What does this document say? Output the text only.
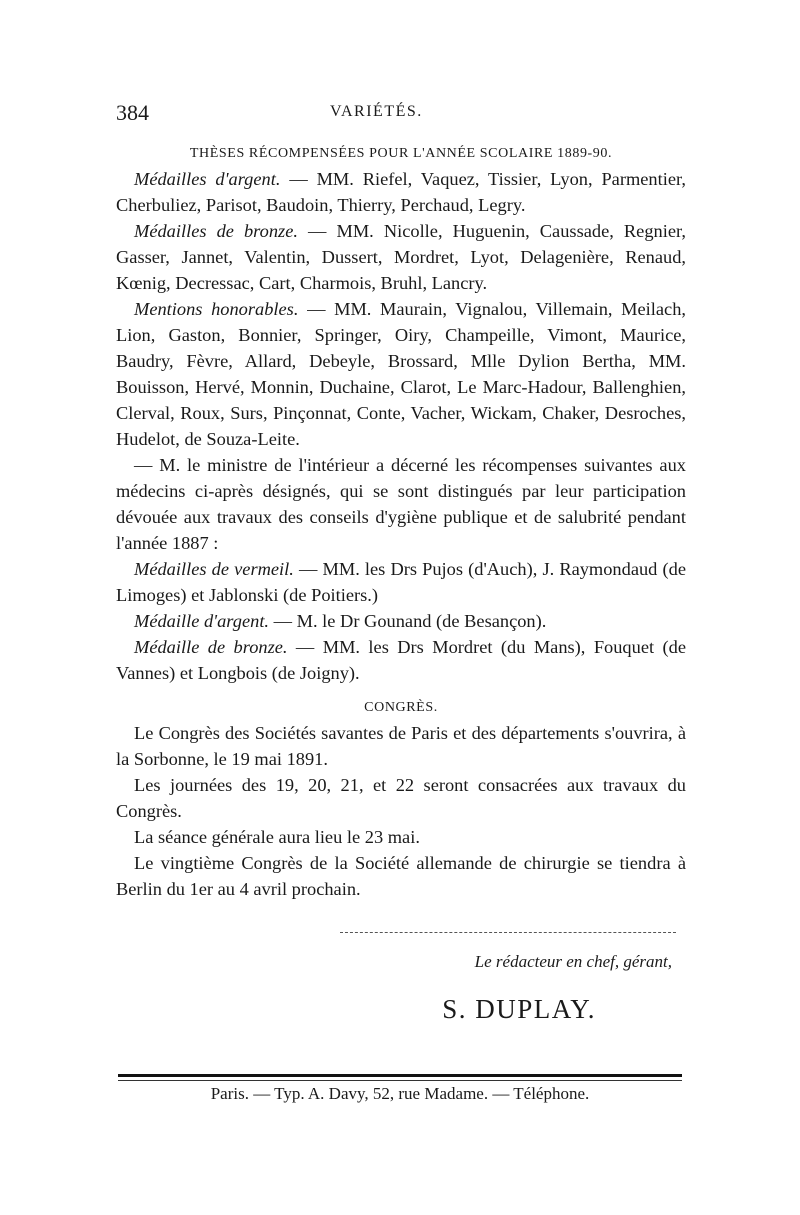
384	VARIÉTÉS.
THÈSES RÉCOMPENSÉES POUR L'ANNÉE SCOLAIRE 1889-90.

Médailles d'argent. — MM. Riefel, Vaquez, Tissier, Lyon, Parmentier, Cherbuliez, Parisot, Baudoin, Thierry, Perchaud, Legry.

Médailles de bronze. — MM. Nicolle, Huguenin, Caussade, Regnier, Gasser, Jannet, Valentin, Dussert, Mordret, Lyot, Delagenière, Renaud, Kœnig, Decressac, Cart, Charmois, Bruhl, Lancry.

Mentions honorables. — MM. Maurain, Vignalou, Villemain, Meilach, Lion, Gaston, Bonnier, Springer, Oiry, Champeille, Vimont, Maurice, Baudry, Fèvre, Allard, Debeyle, Brossard, Mlle Dylion Bertha, MM. Bouisson, Hervé, Monnin, Duchaine, Clarot, Le Marc-Hadour, Ballenghien, Clerval, Roux, Surs, Pinçonnat, Conte, Vacher, Wickam, Chaker, Desroches, Hudelot, de Souza-Leite.

— M. le ministre de l'intérieur a décerné les récompenses suivantes aux médecins ci-après désignés, qui se sont distingués par leur participation dévouée aux travaux des conseils d'ygiène publique et de salubrité pendant l'année 1887 :

Médailles de vermeil. — MM. les Drs Pujos (d'Auch), J. Raymondaud (de Limoges) et Jablonski (de Poitiers.)

Médaille d'argent. — M. le Dr Gounand (de Besançon).

Médaille de bronze. — MM. les Drs Mordret (du Mans), Fouquet (de Vannes) et Longbois (de Joigny).

CONGRÈS.

Le Congrès des Sociétés savantes de Paris et des départements s'ouvrira, à la Sorbonne, le 19 mai 1891.

Les journées des 19, 20, 21, et 22 seront consacrées aux travaux du Congrès.

La séance générale aura lieu le 23 mai.

Le vingtième Congrès de la Société allemande de chirurgie se tiendra à Berlin du 1er au 4 avril prochain.

Le rédacteur en chef, gérant,
S. DUPLAY.
Paris. — Typ. A. Davy, 52, rue Madame. — Téléphone.
